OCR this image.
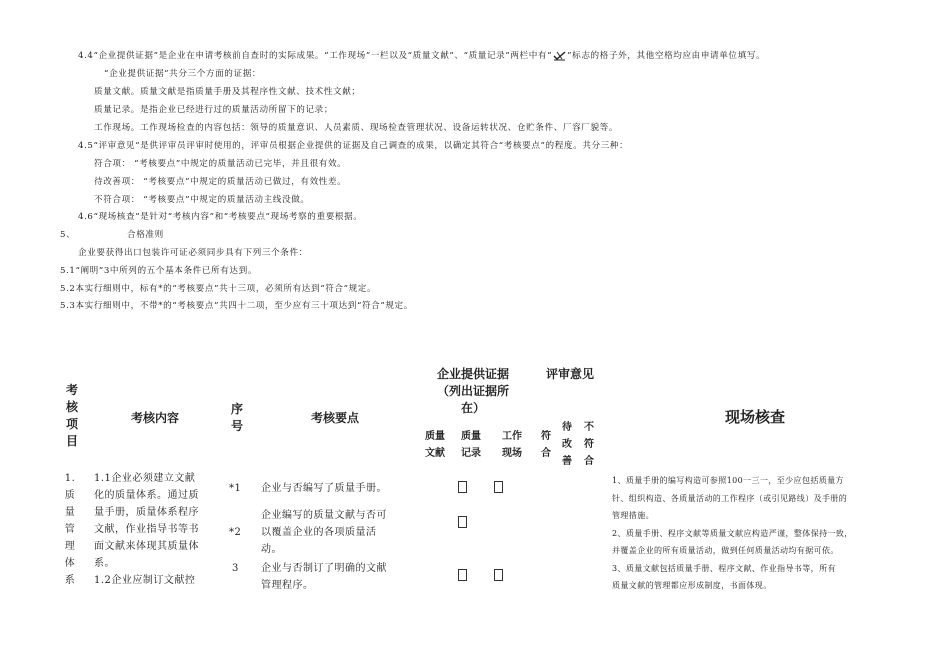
4.4“企业提供证据”是企业在申请考核前自查时的实际成果。“工作现场”一栏以及“质量文献”、“质量记录”两栏中有“ ”标志的格子外，其他空格均应由申请单位填写。
“企业提供证据”共分三个方面的证据：
质量文献。质量文献是指质量手册及其程序性文献、技术性文献；
质量记录。是指企业已经进行过的质量活动所留下的记录；
工作现场。工作现场检查的内容包括：领导的质量意识、人员素质、现场检查管理状况、设备运转状况、仓贮条件、厂容厂貌等。
4.5“评审意见”是供评审员评审时使用的，评审员根据企业提供的证据及自己调查的成果，以确定其符合“考核要点”的程度。共分三种：
符合项： “考核要点”中规定的质量活动已完毕，并且很有效。
待改善项： “考核要点”中规定的质量活动已做过，有效性差。
不符合项： “考核要点”中规定的质量活动主线没做。
4.6“现场核查”是针对“考核内容”和“考核要点”现场考察的重要根据。
5、	合格准则
企业要获得出口包装许可证必须同步具有下列三个条件：
5.1“阐明”3中所列的五个基本条件已所有达到。
5.2本实行细则中，标有*的“考核要点”共十三项，必须所有达到“符合”规定。
5.3本实行细则中，不带*的“考核要点”共四十二项，至少应有三十项达到“符合”规定。
考
核
项
目
考核内容
序
号
考核要点
企业提供证据
（列出证据所
在）
评审意见
质量
文献
质量
记录
工作
现场
符
合
待
改
善
不
符
合
现场核查
1.
质
量
管
理
体
系
1.1企业必须建立文献
化的质量体系。通过质
量手册，质量体系程序
文献，作业指导书等书
面文献来体现其质量体
系。
1.2企业应制订文献控
*1 企业与否编写了质量手册。
*2
企业编写的质量文献与否可
以覆盖企业的各项质量活
动。
3 企业与否制订了明确的文献
管理程序。
1、质量手册的编写构造可参照100一三一，至少应包括质量方
针、组织构造、各质量活动的工作程序（或引见路线）及手册的
管理措施。
2、质量手册、程序文献等质量文献应构造严谨，整体保持一致，
并覆盖企业的所有质量活动，做到任何质量活动均有据可依。
3、质量文献包括质量手册、程序文献、作业指导书等，所有
质量文献的管理都应形成制度，书面体现。
